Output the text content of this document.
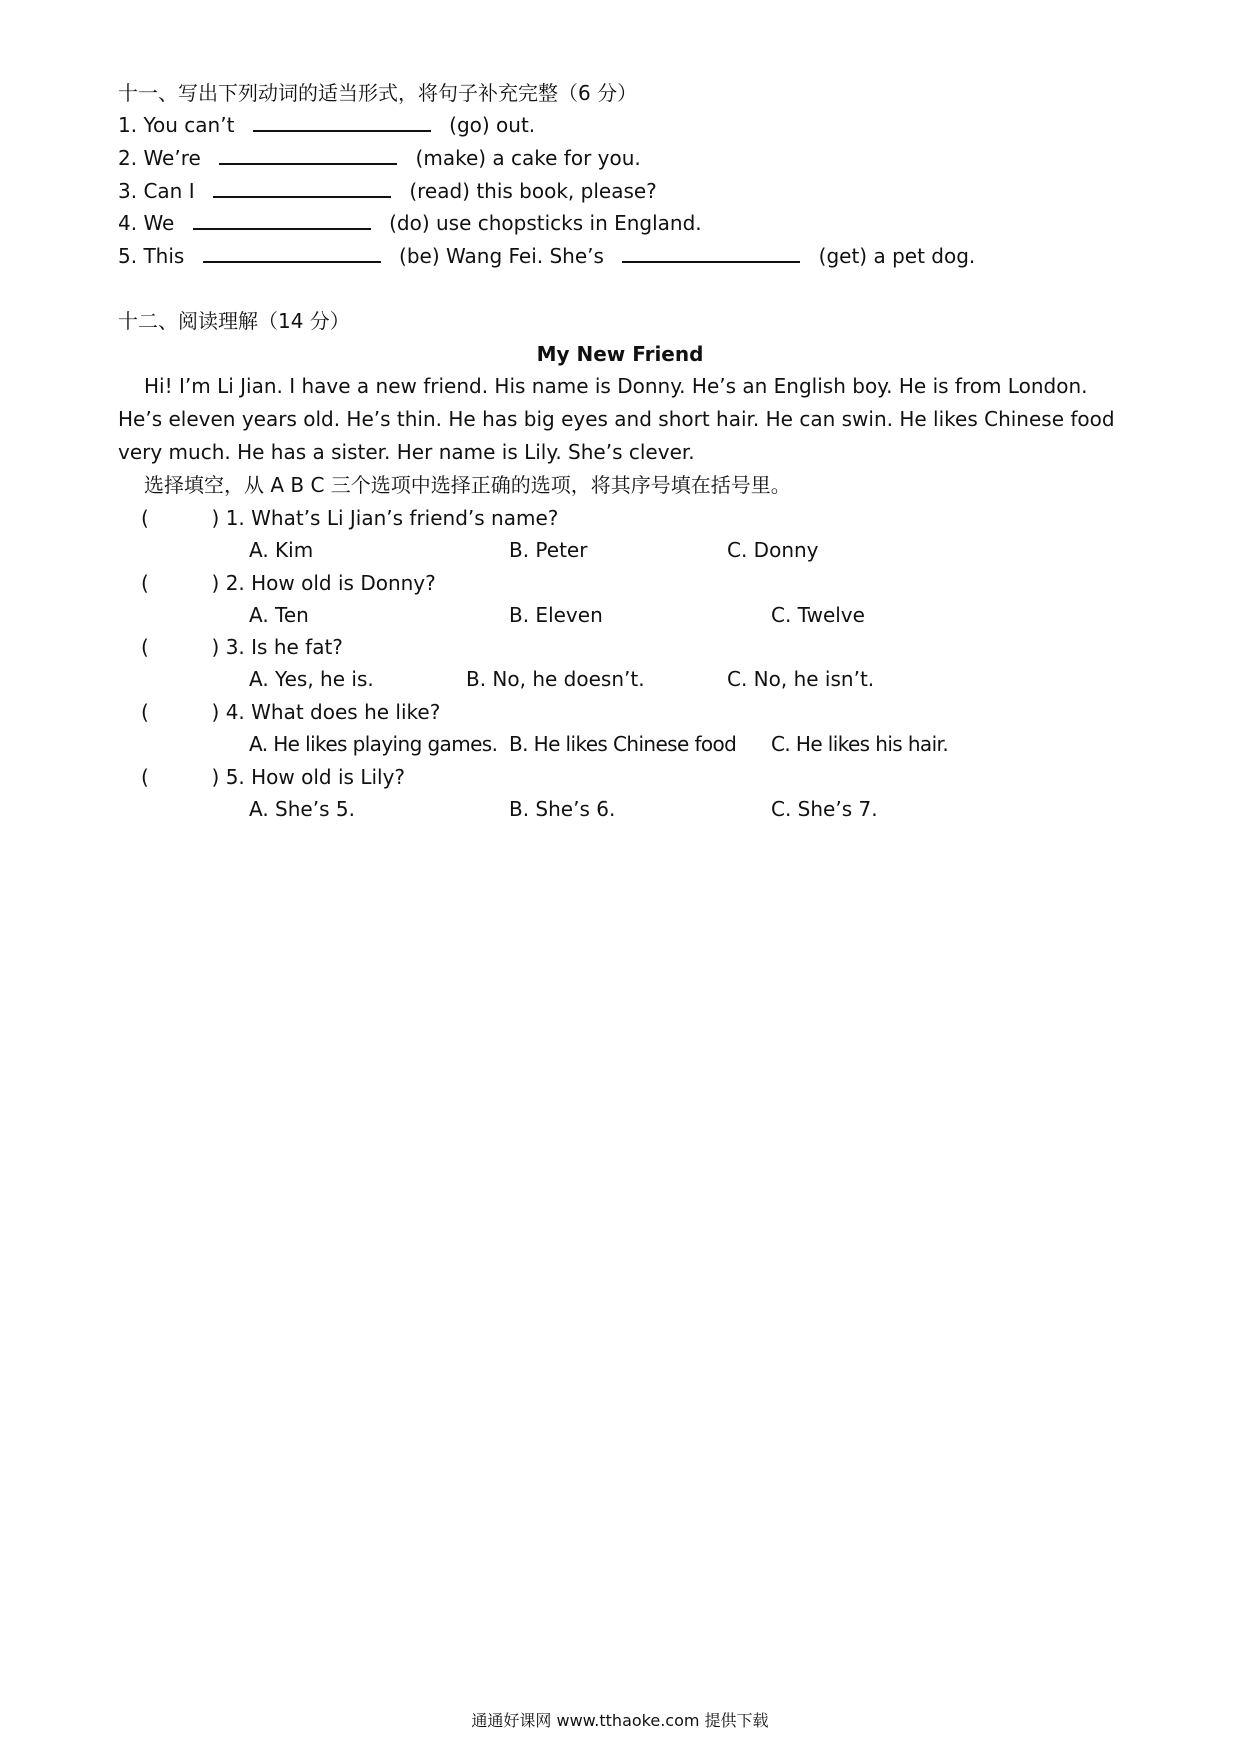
十一、写出下列动词的适当形式，将句子补充完整（6 分）
1. You can’t	(go) out.
2. We’re	(make) a cake for you.
3. Can I	(read) this book, please?
4. We	(do) use chopsticks in England.
5. This	(be) Wang Fei. She’s	(get) a pet dog.
十二、阅读理解（14 分）
My New Friend
Hi! I’m Li Jian. I have a new friend. His name is Donny. He’s an English boy. He is from London. He’s eleven years old. He’s thin. He has big eyes and short hair. He can swin. He likes Chinese food very much. He has a sister. Her name is Lily. She’s clever.
选择填空，从 A B C 三个选项中选择正确的选项，将其序号填在括号里。
(	) 1. What’s Li Jian’s friend’s name?
A. Kim	B. Peter	C. Donny
(	) 2. How old is Donny?
A. Ten	B. Eleven	C. Twelve
(	) 3. Is he fat?
A. Yes, he is.	B. No, he doesn’t.	C. No, he isn’t.
(	) 4. What does he like?
A. He likes playing games. B. He likes Chinese food C. He likes his hair.
(	) 5. How old is Lily?
A. She’s 5.	B. She’s 6.	C. She’s 7.
通通好课网 www.tthaoke.com 提供下载
